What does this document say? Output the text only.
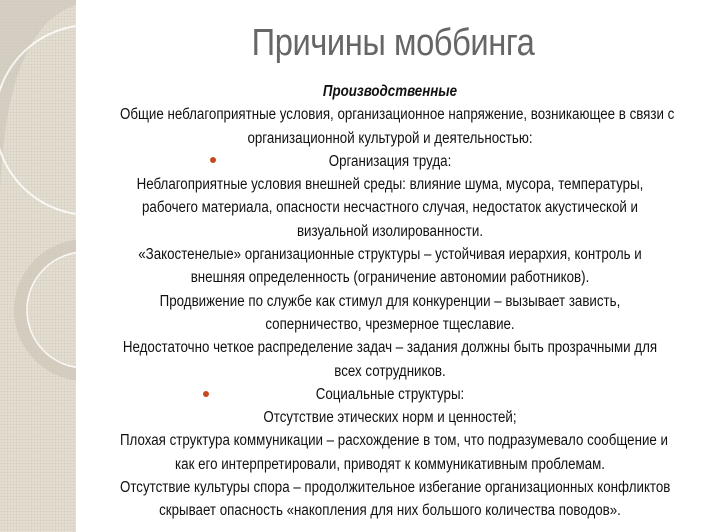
Причины моббинга
Производственные
Общие неблагоприятные условия, организационное напряжение, возникающее в связи с
организационной культурой и деятельностью:
Организация труда:
Неблагоприятные условия внешней среды: влияние шума, мусора, температуры,
рабочего материала, опасности несчастного случая, недостаток акустической и
визуальной изолированности.
«Закостенелые» организационные структуры – устойчивая иерархия, контроль и
внешняя определенность (ограничение автономии работников).
Продвижение по службе как стимул для конкуренции – вызывает зависть,
соперничество, чрезмерное тщеславие.
Недостаточно четкое распределение задач – задания должны быть прозрачными для
всех сотрудников.
Социальные структуры:
Отсутствие этических норм и ценностей;
Плохая структура коммуникации – расхождение в том, что подразумевало сообщение и
как его интерпретировали, приводят к коммуникативным проблемам.
Отсутствие культуры спора – продолжительное избегание организационных конфликтов
скрывает опасность «накопления для них большого количества поводов».
